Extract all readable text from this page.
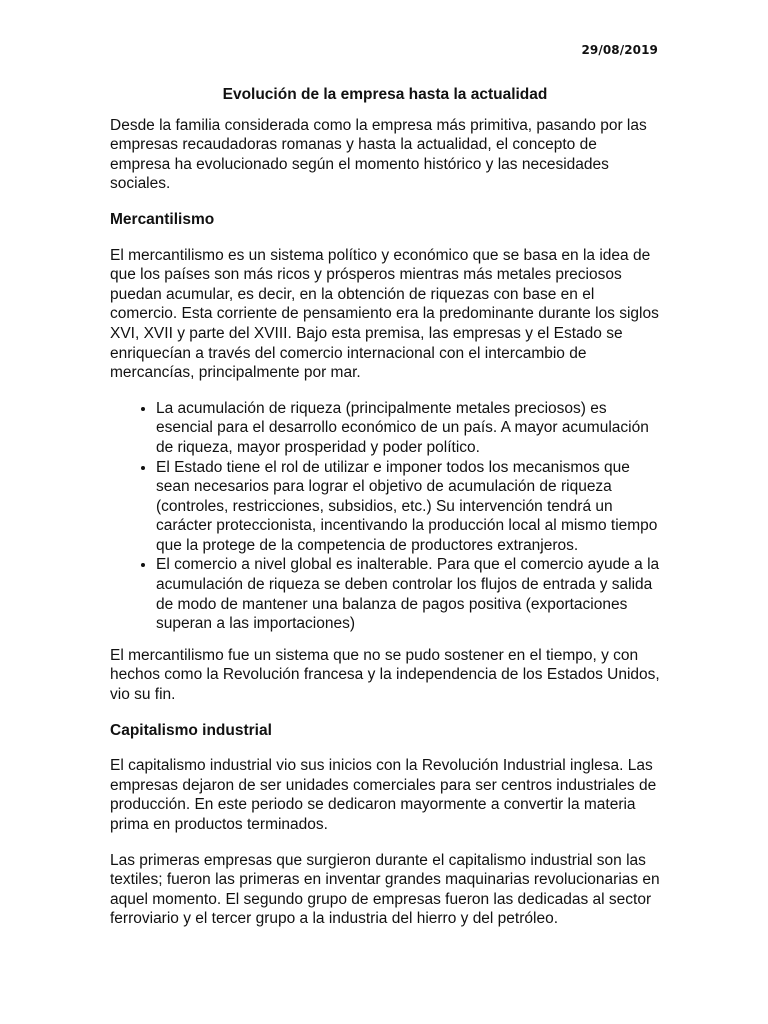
29/08/2019
Evolución de la empresa hasta la actualidad

Desde la familia considerada como la empresa más primitiva, pasando por las empresas recaudadoras romanas y hasta la actualidad, el concepto de empresa ha evolucionado según el momento histórico y las necesidades sociales.

Mercantilismo

El mercantilismo es un sistema político y económico que se basa en la idea de que los países son más ricos y prósperos mientras más metales preciosos puedan acumular, es decir, en la obtención de riquezas con base en el comercio. Esta corriente de pensamiento era la predominante durante los siglos XVI, XVII y parte del XVIII. Bajo esta premisa, las empresas y el Estado se enriquecían a través del comercio internacional con el intercambio de mercancías, principalmente por mar.

• La acumulación de riqueza (principalmente metales preciosos) es esencial para el desarrollo económico de un país. A mayor acumulación de riqueza, mayor prosperidad y poder político.
• El Estado tiene el rol de utilizar e imponer todos los mecanismos que sean necesarios para lograr el objetivo de acumulación de riqueza (controles, restricciones, subsidios, etc.) Su intervención tendrá un carácter proteccionista, incentivando la producción local al mismo tiempo que la protege de la competencia de productores extranjeros.
• El comercio a nivel global es inalterable. Para que el comercio ayude a la acumulación de riqueza se deben controlar los flujos de entrada y salida de modo de mantener una balanza de pagos positiva (exportaciones superan a las importaciones)

El mercantilismo fue un sistema que no se pudo sostener en el tiempo, y con hechos como la Revolución francesa y la independencia de los Estados Unidos, vio su fin.

Capitalismo industrial

El capitalismo industrial vio sus inicios con la Revolución Industrial inglesa. Las empresas dejaron de ser unidades comerciales para ser centros industriales de producción. En este periodo se dedicaron mayormente a convertir la materia prima en productos terminados.

Las primeras empresas que surgieron durante el capitalismo industrial son las textiles; fueron las primeras en inventar grandes maquinarias revolucionarias en aquel momento. El segundo grupo de empresas fueron las dedicadas al sector ferroviario y el tercer grupo a la industria del hierro y del petróleo.
